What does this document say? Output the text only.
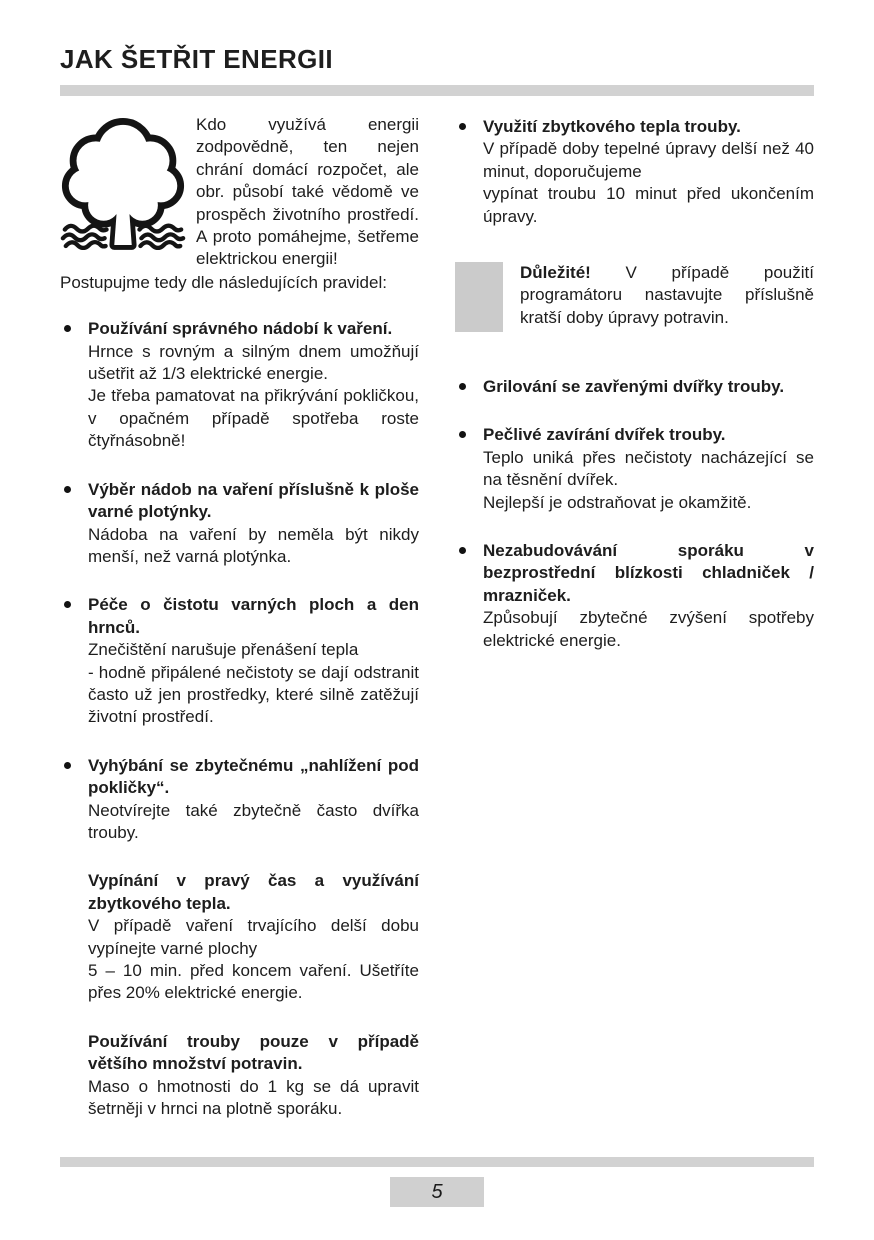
JAK ŠETŘIT ENERGII

Kdo využívá energii zodpovědně, ten nejen chrání domácí rozpočet, ale obr. působí také vědomě ve prospěch životního prostředí. A proto pomáhejme, šetřeme elektrickou energii!

Postupujme tedy dle následujících pravidel:

Používání správného nádobí k vaření.

Hrnce s rovným a silným dnem umožňují ušetřit až 1/3 elektrické energie.

Je třeba pamatovat na přikrývání pokličkou, v opačném případě spotřeba roste čtyřnásobně!

Výběr nádob na vaření příslušně k ploše varné plotýnky.

Nádoba na vaření by neměla být nikdy menší, než varná plotýnka.

Péče o čistotu varných ploch a den hrnců.

Znečištění narušuje přenášení tepla

- hodně připálené nečistoty se dají odstranit často už jen prostředky, které silně zatěžují životní prostředí.

Vyhýbání se zbytečnému „nahlížení pod pokličky“.

Neotvírejte také zbytečně často dvířka trouby.

Vypínání v pravý čas a využívání zbytkového tepla.

V případě vaření trvajícího delší dobu vypínejte varné plochy

5 – 10 min. před koncem vaření. Ušetříte přes 20% elektrické energie.

Používání trouby pouze v případě většího množství potravin.

Maso o hmotnosti do 1 kg se dá upravit šetrněji v hrnci na plotně sporáku.

Využití zbytkového tepla trouby.

V případě doby tepelné úpravy delší než 40 minut, doporučujeme

vypínat troubu 10 minut před ukončením úpravy.

Důležité! V případě použití programátoru nastavujte příslušně kratší doby úpravy potravin.

Grilování se zavřenými dvířky trouby.

Pečlivé zavírání dvířek trouby.

Teplo uniká přes nečistoty nacházející se na těsnění dvířek.

Nejlepší je odstraňovat je okamžitě.

Nezabudovávání sporáku v bezprostřední blízkosti chladniček / mrazniček.

Způsobují zbytečné zvýšení spotřeby elektrické energie.

5
